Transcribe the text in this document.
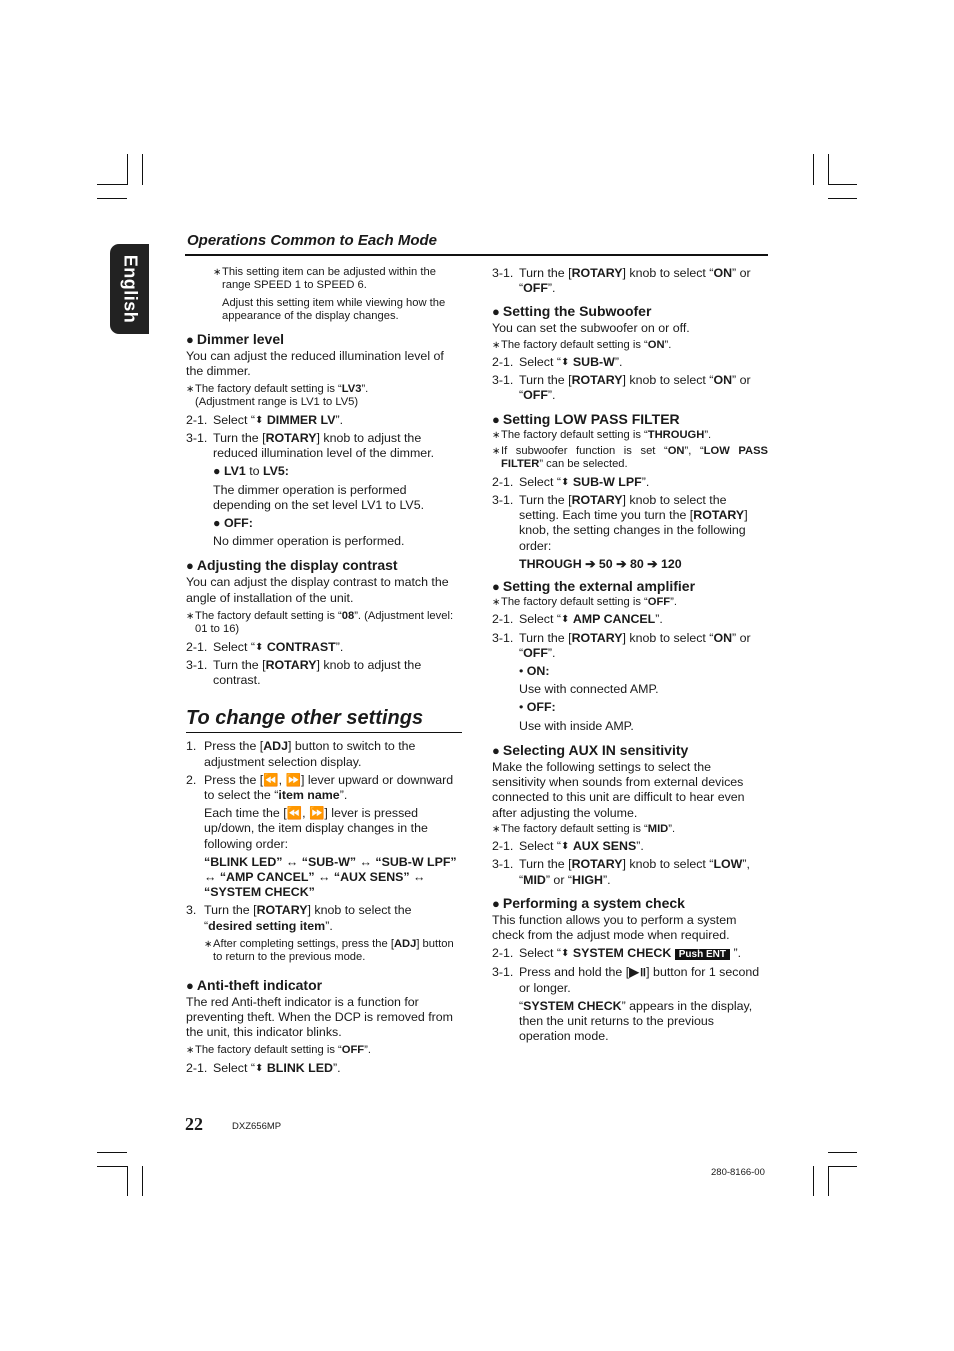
English
Operations Common to Each Mode

∗This setting item can be adjusted within the range SPEED 1 to SPEED 6.

Adjust this setting item while viewing how the appearance of the display changes.

● Dimmer level

You can adjust the reduced illumination level of the dimmer.

∗The factory default setting is “LV3”.
(Adjustment range is LV1 to LV5)

2-1. Select “⬍ DIMMER LV”.

3-1. Turn the [ROTARY] knob to adjust the reduced illumination level of the dimmer.

● LV1 to LV5:

The dimmer operation is performed depending on the set level LV1 to LV5.

● OFF:

No dimmer operation is performed.

● Adjusting the display contrast

You can adjust the display contrast to match the angle of installation of the unit.

∗The factory default setting is “08”. (Adjustment level: 01 to 16)

2-1. Select “⬍ CONTRAST”.

3-1. Turn the [ROTARY] knob to adjust the contrast.

To change other settings

1. Press the [ADJ] button to switch to the adjustment selection display.

2. Press the [⏪, ⏩] lever upward or downward to select the “item name”.

Each time the [⏪, ⏩] lever is pressed up/down, the item display changes in the following order:

“BLINK LED” ↔ “SUB-W” ↔ “SUB-W LPF” ↔ “AMP CANCEL” ↔ “AUX SENS” ↔ “SYSTEM CHECK”

3. Turn the [ROTARY] knob to select the “desired setting item”.

∗After completing settings, press the [ADJ] button to return to the previous mode.

● Anti-theft indicator

The red Anti-theft indicator is a function for preventing theft. When the DCP is removed from the unit, this indicator blinks.

∗The factory default setting is “OFF”.

2-1. Select “⬍ BLINK LED”.

3-1. Turn the [ROTARY] knob to select “ON” or “OFF”.

● Setting the Subwoofer

You can set the subwoofer on or off.

∗The factory default setting is “ON”.

2-1. Select “⬍ SUB-W”.

3-1. Turn the [ROTARY] knob to select “ON” or “OFF”.

● Setting LOW PASS FILTER

∗The factory default setting is “THROUGH”.

∗If subwoofer function is set “ON”, “LOW PASS FILTER” can be selected.

2-1. Select “⬍ SUB-W LPF”.

3-1. Turn the [ROTARY] knob to select the setting. Each time you turn the [ROTARY] knob, the setting changes in the following order:

THROUGH ➔ 50 ➔ 80 ➔ 120

● Setting the external amplifier

∗The factory default setting is “OFF”.

2-1. Select “⬍ AMP CANCEL”.

3-1. Turn the [ROTARY] knob to select “ON” or “OFF”.

• ON:

Use with connected AMP.

• OFF:

Use with inside AMP.

● Selecting AUX IN sensitivity

Make the following settings to select the sensitivity when sounds from external devices connected to this unit are difficult to hear even after adjusting the volume.

∗The factory default setting is “MID”.

2-1. Select “⬍ AUX SENS”.

3-1. Turn the [ROTARY] knob to select “LOW”, “MID” or “HIGH”.

● Performing a system check

This function allows you to perform a system check from the adjust mode when required.

2-1. Select “⬍ SYSTEM CHECK Push ENT ”.

3-1. Press and hold the [▶॥] button for 1 second or longer.

“SYSTEM CHECK” appears in the display, then the unit returns to the previous operation mode.

22	DXZ656MP
280-8166-00
